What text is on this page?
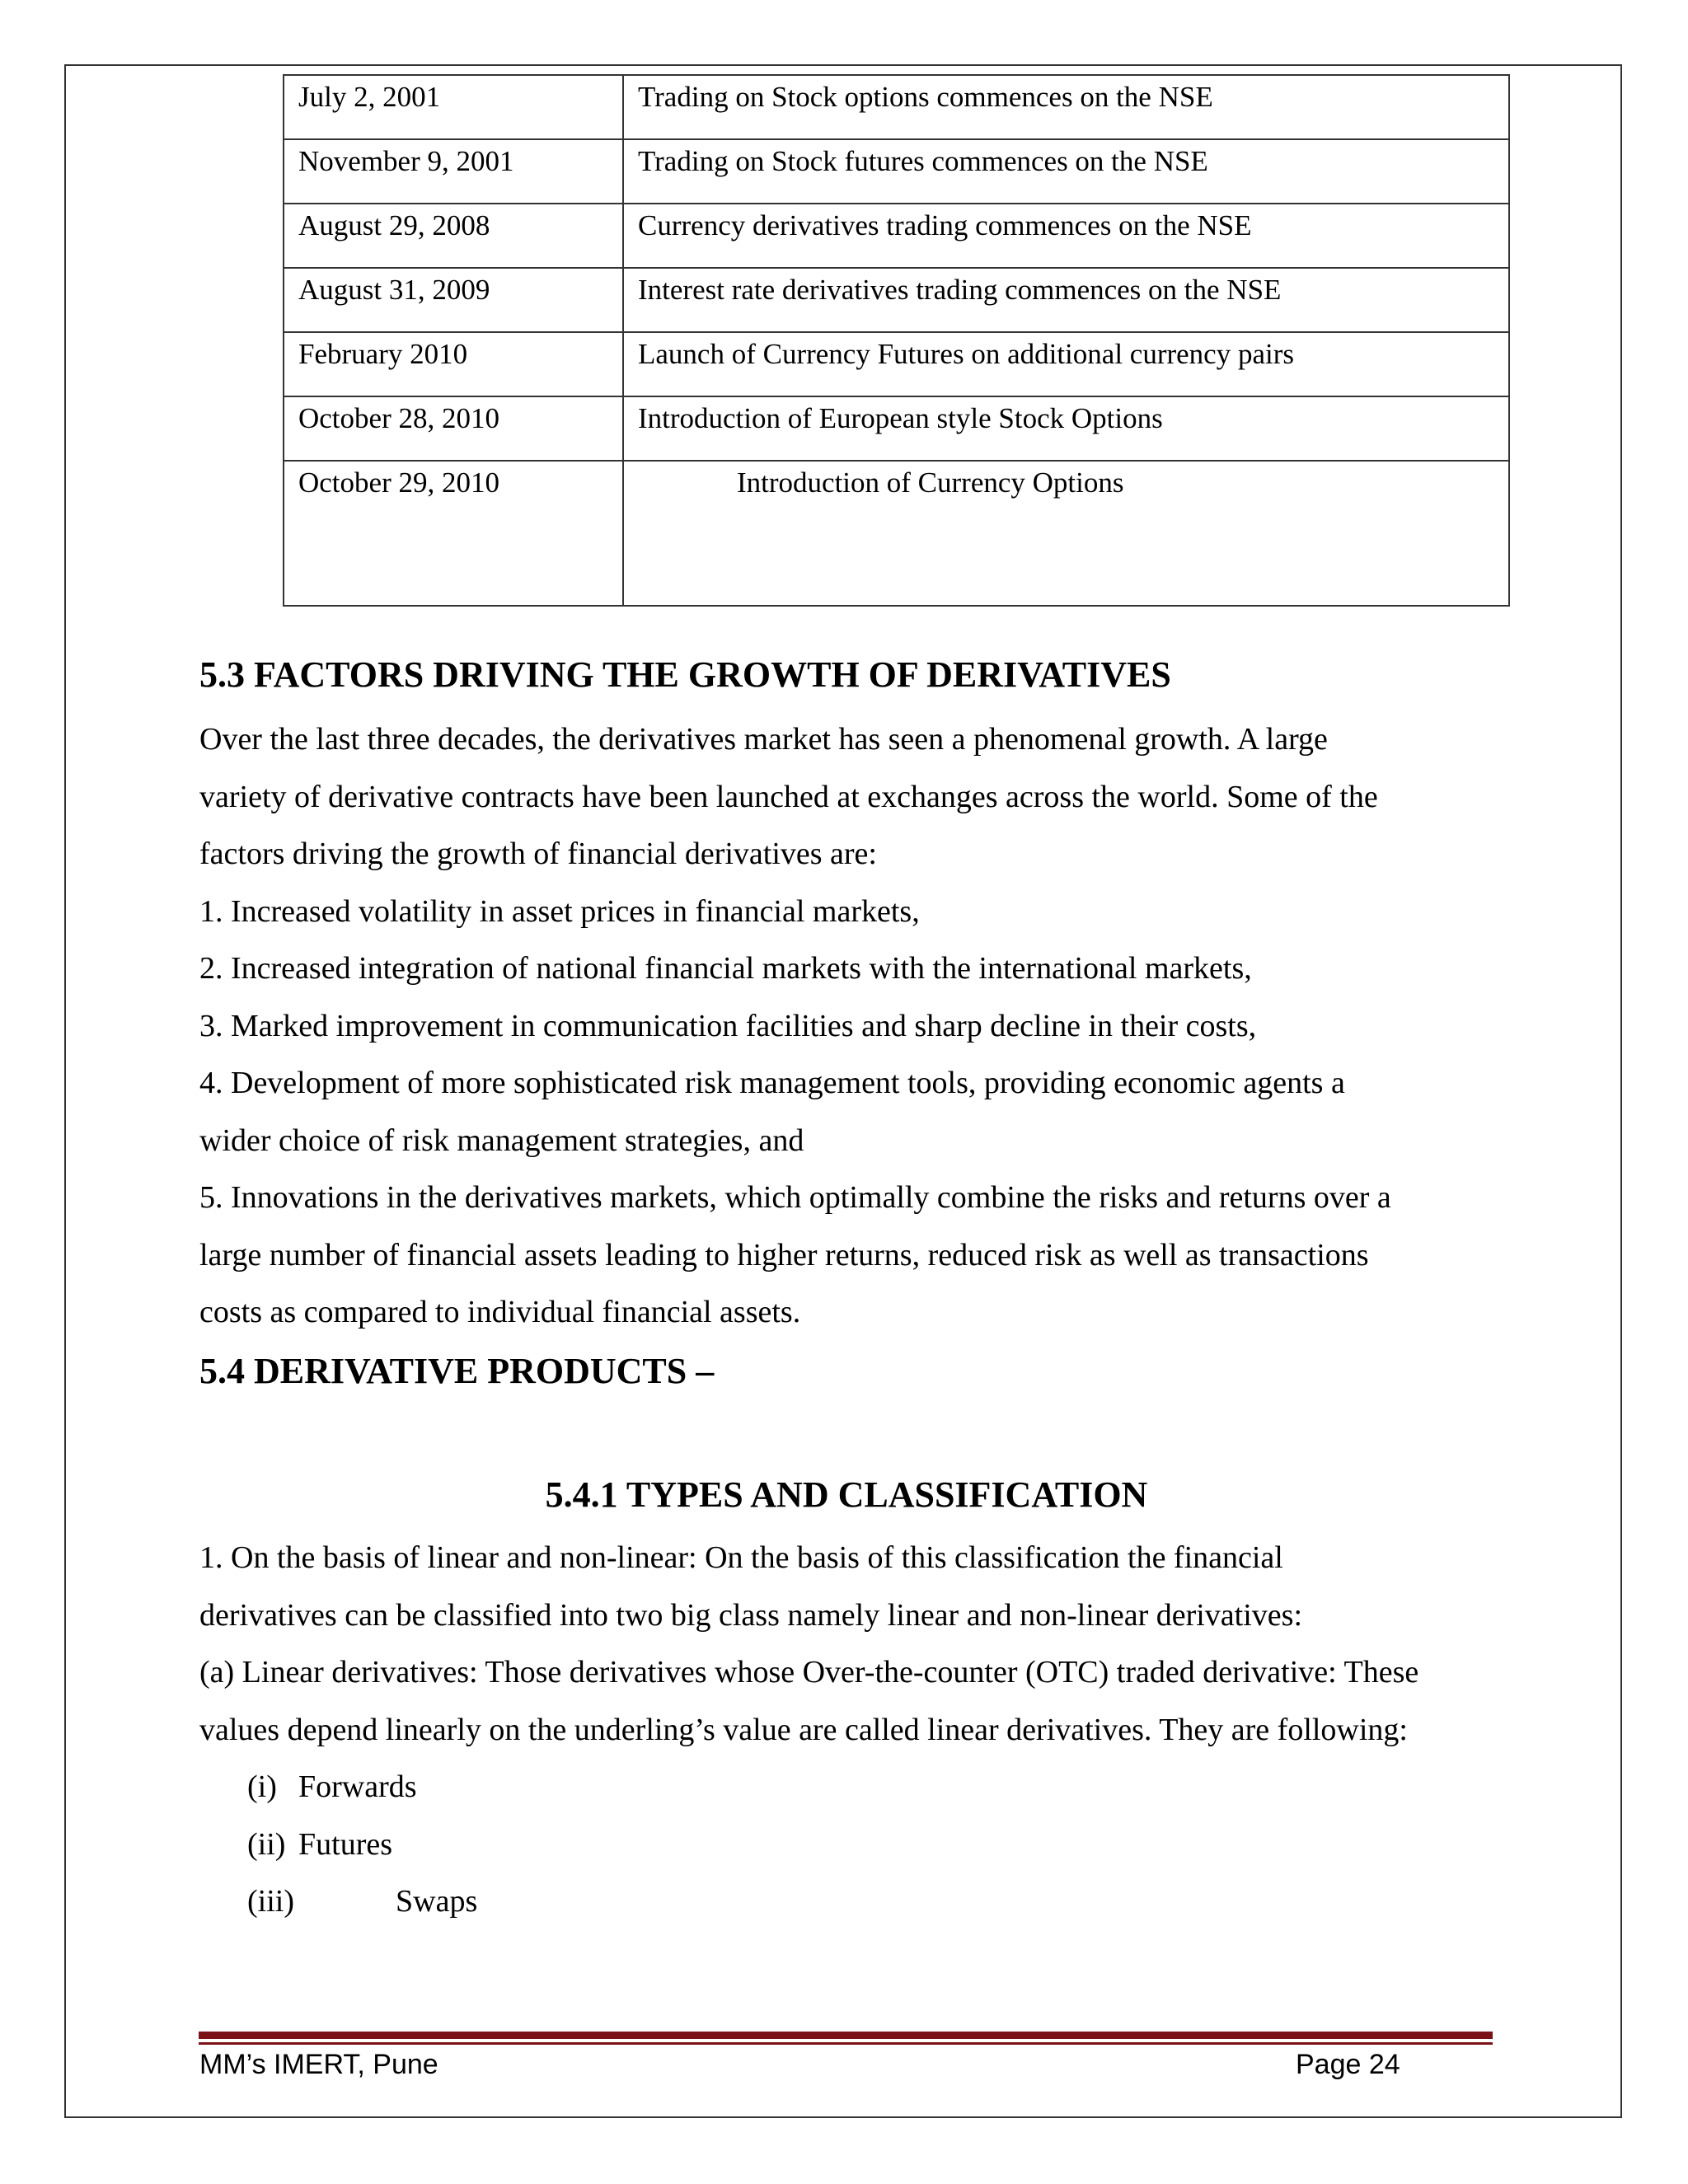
July 2, 2001	Trading on Stock options commences on the NSE
November 9, 2001	Trading on Stock futures commences on the NSE
August 29, 2008	Currency derivatives trading commences on the NSE
August 31, 2009	Interest rate derivatives trading commences on the NSE
February 2010	Launch of Currency Futures on additional currency pairs
October 28, 2010	Introduction of European style Stock Options
October 29, 2010	Introduction of Currency Options
5.3 FACTORS DRIVING THE GROWTH OF DERIVATIVES

Over the last three decades, the derivatives market has seen a phenomenal growth. A large

variety of derivative contracts have been launched at exchanges across the world. Some of the

factors driving the growth of financial derivatives are:

1. Increased volatility in asset prices in financial markets,

2. Increased integration of national financial markets with the international markets,

3. Marked improvement in communication facilities and sharp decline in their costs,

4. Development of more sophisticated risk management tools, providing economic agents a

wider choice of risk management strategies, and

5. Innovations in the derivatives markets, which optimally combine the risks and returns over a

large number of financial assets leading to higher returns, reduced risk as well as transactions

costs as compared to individual financial assets.

5.4 DERIVATIVE PRODUCTS –
5.4.1 TYPES AND CLASSIFICATION

1. On the basis of linear and non-linear: On the basis of this classification the financial

derivatives can be classified into two big class namely linear and non-linear derivatives:

(a) Linear derivatives: Those derivatives whose Over-the-counter (OTC) traded derivative: These

values depend linearly on the underling’s value are called linear derivatives. They are following:

(i) Forwards

(ii) Futures

(iii)	Swaps

MM’s IMERT, Pune	Page 24
